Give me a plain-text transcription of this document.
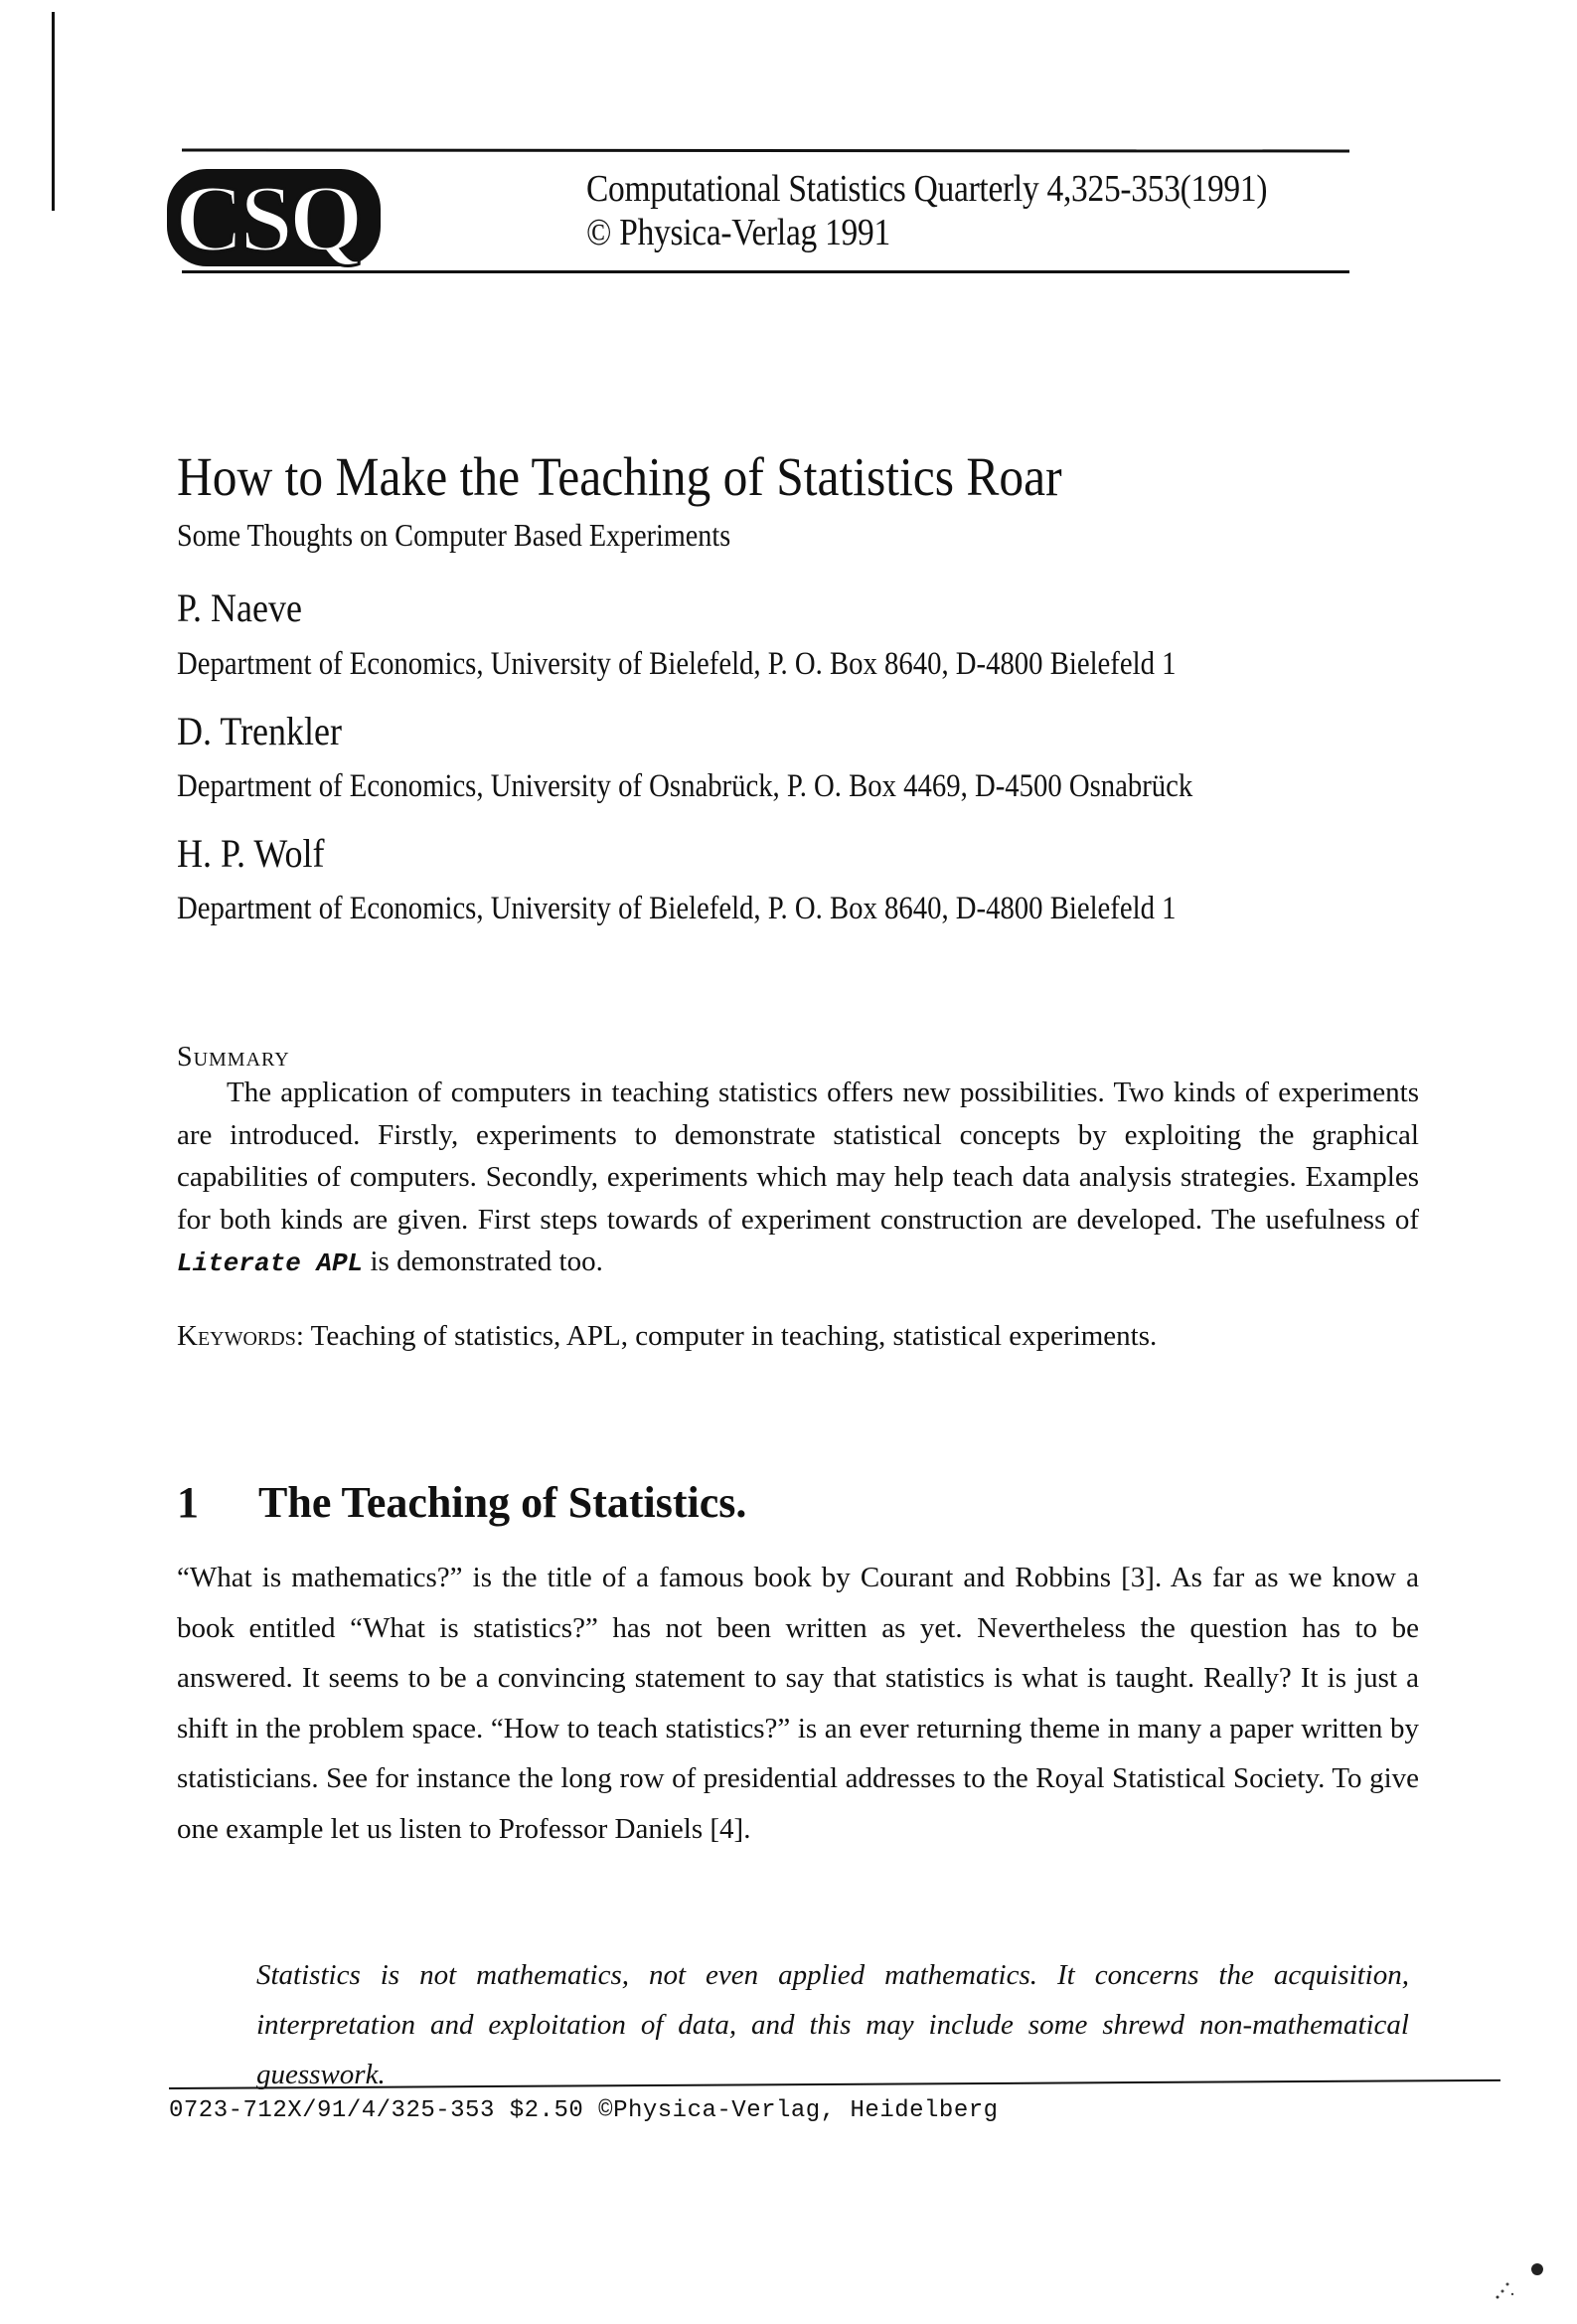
CSQ	Computational Statistics Quarterly 4,325-353(1991)
© Physica-Verlag 1991
How to Make the Teaching of Statistics Roar
Some Thoughts on Computer Based Experiments
P. Naeve
Department of Economics, University of Bielefeld, P. O. Box 8640, D-4800 Bielefeld 1
D. Trenkler
Department of Economics, University of Osnabrück, P. O. Box 4469, D-4500 Osnabrück
H. P. Wolf
Department of Economics, University of Bielefeld, P. O. Box 8640, D-4800 Bielefeld 1
Summary
The application of computers in teaching statistics offers new possibilities. Two kinds of experiments are introduced. Firstly, experiments to demonstrate statistical concepts by exploiting the graphical capabilities of computers. Secondly, experiments which may help teach data analysis strategies. Examples for both kinds are given. First steps towards of experiment construction are developed. The usefulness of Literate APL is demonstrated too.
Keywords: Teaching of statistics, APL, computer in teaching, statistical experiments.
1 The Teaching of Statistics.
“What is mathematics?” is the title of a famous book by Courant and Robbins [3]. As far as we know a book entitled “What is statistics?” has not been written as yet. Nevertheless the question has to be answered. It seems to be a convincing statement to say that statistics is what is taught. Really? It is just a shift in the problem space. “How to teach statistics?” is an ever returning theme in many a paper written by statisticians. See for instance the long row of presidential addresses to the Royal Statistical Society. To give one example let us listen to Professor Daniels [4].
Statistics is not mathematics, not even applied mathematics. It concerns the acquisition, interpretation and exploitation of data, and this may include some shrewd non-mathematical guesswork.
0723-712X/91/4/325-353 $2.50 ©Physica-Verlag, Heidelberg
